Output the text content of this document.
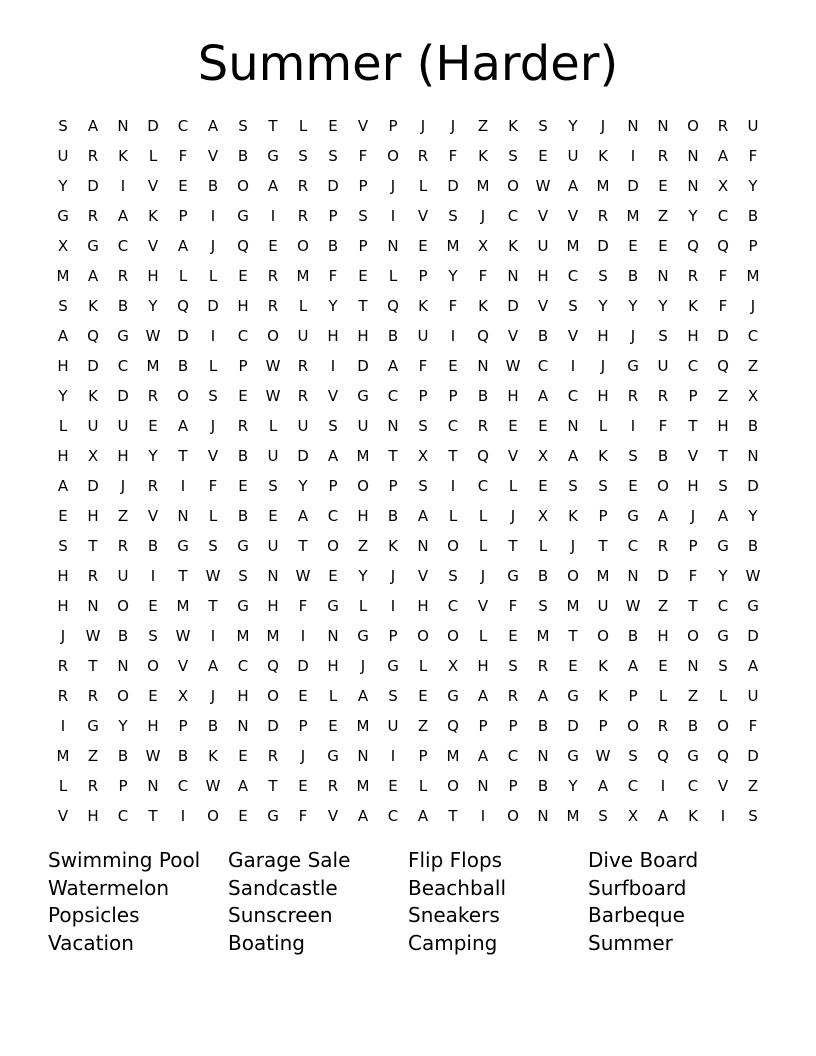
Summer (Harder)
S	A	N	D	C	A	S	T	L	E	V	P	J	J	Z	K	S	Y	J	N	N	O	R	U
U	R	K	L	F	V	B	G	S	S	F	O	R	F	K	S	E	U	K	I	R	N	A	F
Y	D	I	V	E	B	O	A	R	D	P	J	L	D	M	O	W	A	M	D	E	N	X	Y
G	R	A	K	P	I	G	I	R	P	S	I	V	S	J	C	V	V	R	M	Z	Y	C	B
X	G	C	V	A	J	Q	E	O	B	P	N	E	M	X	K	U	M	D	E	E	Q	Q	P
M	A	R	H	L	L	E	R	M	F	E	L	P	Y	F	N	H	C	S	B	N	R	F	M
S	K	B	Y	Q	D	H	R	L	Y	T	Q	K	F	K	D	V	S	Y	Y	Y	K	F	J
A	Q	G	W	D	I	C	O	U	H	H	B	U	I	Q	V	B	V	H	J	S	H	D	C
H	D	C	M	B	L	P	W	R	I	D	A	F	E	N	W	C	I	J	G	U	C	Q	Z
Y	K	D	R	O	S	E	W	R	V	G	C	P	P	B	H	A	C	H	R	R	P	Z	X
L	U	U	E	A	J	R	L	U	S	U	N	S	C	R	E	E	N	L	I	F	T	H	B
H	X	H	Y	T	V	B	U	D	A	M	T	X	T	Q	V	X	A	K	S	B	V	T	N
A	D	J	R	I	F	E	S	Y	P	O	P	S	I	C	L	E	S	S	E	O	H	S	D
E	H	Z	V	N	L	B	E	A	C	H	B	A	L	L	J	X	K	P	G	A	J	A	Y
S	T	R	B	G	S	G	U	T	O	Z	K	N	O	L	T	L	J	T	C	R	P	G	B
H	R	U	I	T	W	S	N	W	E	Y	J	V	S	J	G	B	O	M	N	D	F	Y	W
H	N	O	E	M	T	G	H	F	G	L	I	H	C	V	F	S	M	U	W	Z	T	C	G
J	W	B	S	W	I	M	M	I	N	G	P	O	O	L	E	M	T	O	B	H	O	G	D
R	T	N	O	V	A	C	Q	D	H	J	G	L	X	H	S	R	E	K	A	E	N	S	A
R	R	O	E	X	J	H	O	E	L	A	S	E	G	A	R	A	G	K	P	L	Z	L	U
I	G	Y	H	P	B	N	D	P	E	M	U	Z	Q	P	P	B	D	P	O	R	B	O	F
M	Z	B	W	B	K	E	R	J	G	N	I	P	M	A	C	N	G	W	S	Q	G	Q	D
L	R	P	N	C	W	A	T	E	R	M	E	L	O	N	P	B	Y	A	C	I	C	V	Z
V	H	C	T	I	O	E	G	F	V	A	C	A	T	I	O	N	M	S	X	A	K	I	S
Swimming Pool	Garage Sale	Flip Flops	Dive Board
Watermelon	Sandcastle	Beachball	Surfboard
Popsicles	Sunscreen	Sneakers	Barbeque
Vacation	Boating	Camping	Summer
